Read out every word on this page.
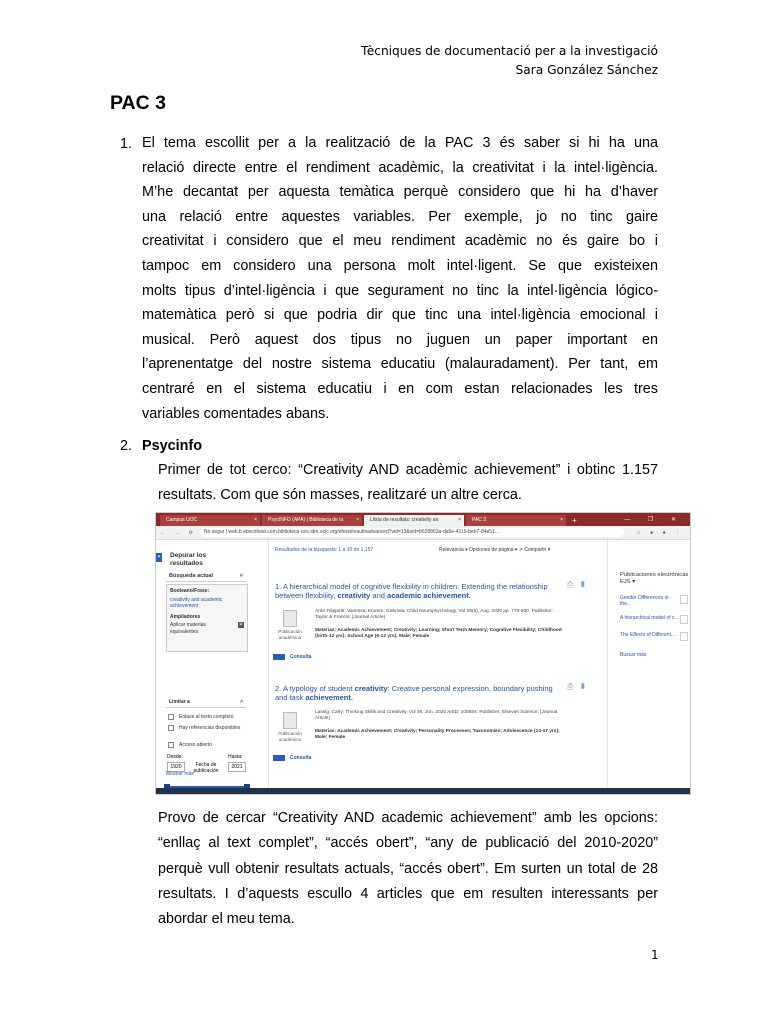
Tècniques de documentació per a la investigació
Sara González Sánchez
PAC 3
1. El tema escollit per a la realització de la PAC 3 és saber si hi ha una
relació directe entre el rendiment acadèmic, la creativitat i la intel·ligència.
M’he decantat per aquesta temàtica perquè considero que hi ha d’haver
una relació entre aquestes variables. Per exemple, jo no tinc gaire
creativitat i considero que el meu rendiment acadèmic no és gaire bo i
tampoc em considero una persona molt intel·ligent. Se que existeixen
molts tipus d’intel·ligència i que segurament no tinc la intel·ligència lógico-
matemàtica però si que podria dir que tinc una intel·ligència emocional i
musical. Però aquest dos tipus no juguen un paper important en
l’aprenentatge del nostre sistema educatiu (malauradament). Per tant, em
centraré en el sistema educatiu i en com estan relacionades les tres
variables comentades abans.
2. Psycinfo
Primer de tot cerco: “Creativity AND acadèmic achievement” i obtinc 1.157 resultats. Com que són masses, realitzaré un altre cerca.
Campus UOC	×	PsycINFO (APA) | Biblioteca de la	×	Llista de resultats: creativity an	×	PAC 3	× +	— ❐ ✕
← → ⟳	No segur | web.b.ebscohost.com.biblioteca-uoc.idm.oclc.org/ehost/resultsadvanced?vid=13&sid=b628863a-da5e-4119-beb7-84e51...	☆ ● ● ⋮
« Depurar los resultados
Búsqueda actual	˅
Booleano/Frase:
creativity and academic achievement
Ampliadores
Aplicar materias equivalentes
✕
Limitar a	˄
Enlace al texto completo
Hay referencias disponibles
Acceso abierto
Desde:	Hasta:
1920	Fecha de publicación
2021
Resultados de la búsqueda: 1 a 10 de 1,157	Relevancia ▾ Opciones de página ▾ ⇗ Compartir ▾
1. A hierarchical model of cognitive flexibility in children: Extending the relationship between flexibility, creativity and academic achievement.
⎙ ▮
Publicación académica
Arán Filippetti, Vanessa; Krumm, Gabriela; Child Neuropsychology, Vol 26(6), Aug, 2020 pp. 770-800. Publisher: Taylor & Francis; [Journal Article]
Materias: Academic Achievement; Creativity; Learning; Short Term Memory; Cognitive Flexibility; Childhood (birth-12 yrs); School Age (6-12 yrs); Male; Female
Consulta
2. A typology of student creativity: Creative personal expression, boundary pushing and task achievement.
⎙ ▮
Publicación académica
Lassig, Carly; Thinking Skills and Creativity, Vol 36, Jun, 2020 ArtID: 100654. Publisher: Elsevier Science; [Journal Article]
Materias: Academic Achievement; Creativity; Personality Processes; Taxonomies; Adolescence (13-17 yrs); Male; Female
Consulta
Publicaciones electrónicas EJS ▾
Gender Differences in the...
A hierarchical model of c...
The Effects of Different...
Buscar más
Mostrar más
Provo de cercar “Creativity AND academic achievement” amb les opcions: “enllaç al text complet”, “accés obert”, “any de publicació del 2010-2020” perquè vull obtenir resultats actuals, “accés obert”. Em surten un total de 28 resultats. I d’aquests escullo 4 articles que em resulten interessants per abordar el meu tema.
1
